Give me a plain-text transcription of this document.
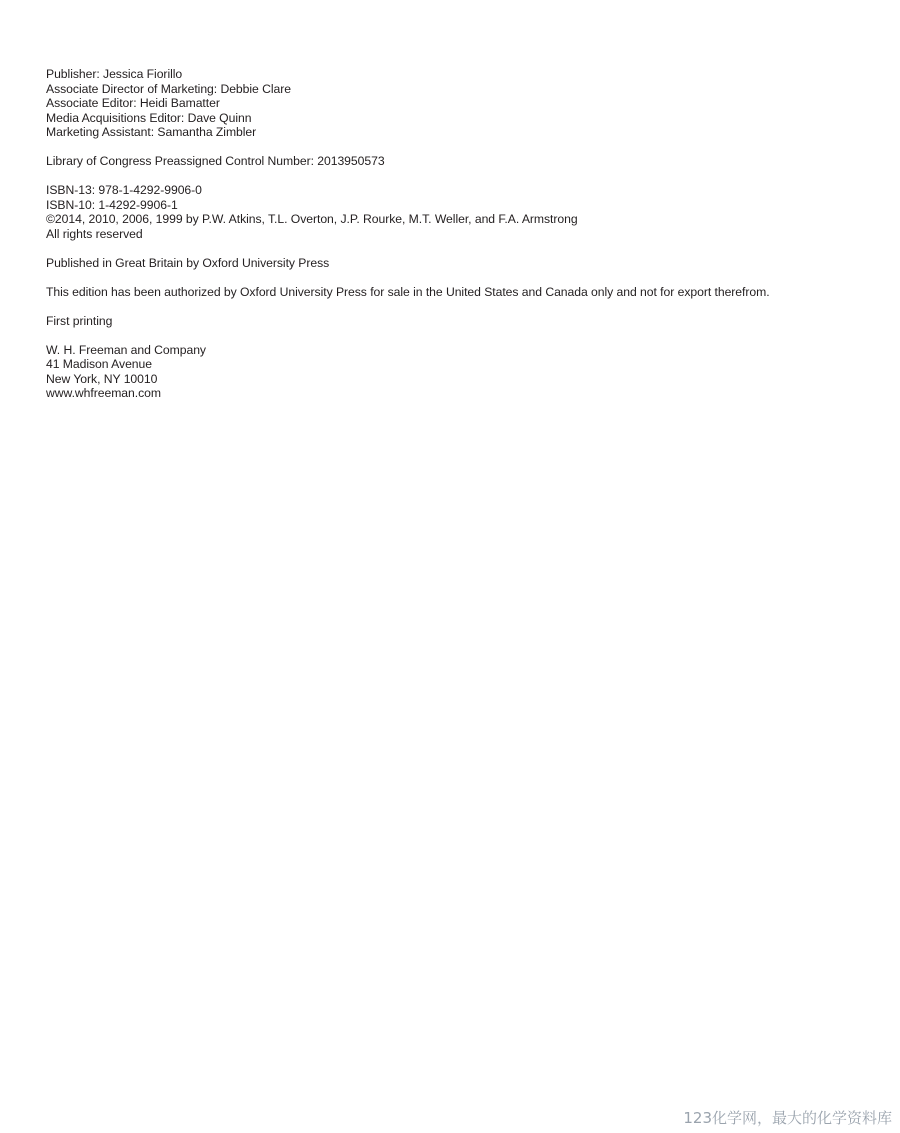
Publisher: Jessica Fiorillo
Associate Director of Marketing: Debbie Clare
Associate Editor: Heidi Bamatter
Media Acquisitions Editor: Dave Quinn
Marketing Assistant: Samantha Zimbler
Library of Congress Preassigned Control Number: 2013950573
ISBN-13: 978-1-4292-9906-0
ISBN-10: 1-4292-9906-1
©2014, 2010, 2006, 1999 by P.W. Atkins, T.L. Overton, J.P. Rourke, M.T. Weller, and F.A. Armstrong
All rights reserved
Published in Great Britain by Oxford University Press
This edition has been authorized by Oxford University Press for sale in the United States and Canada only and not for export therefrom.
First printing
W. H. Freeman and Company
41 Madison Avenue
New York, NY 10010
www.whfreeman.com
123化学网，最大的化学资料库
